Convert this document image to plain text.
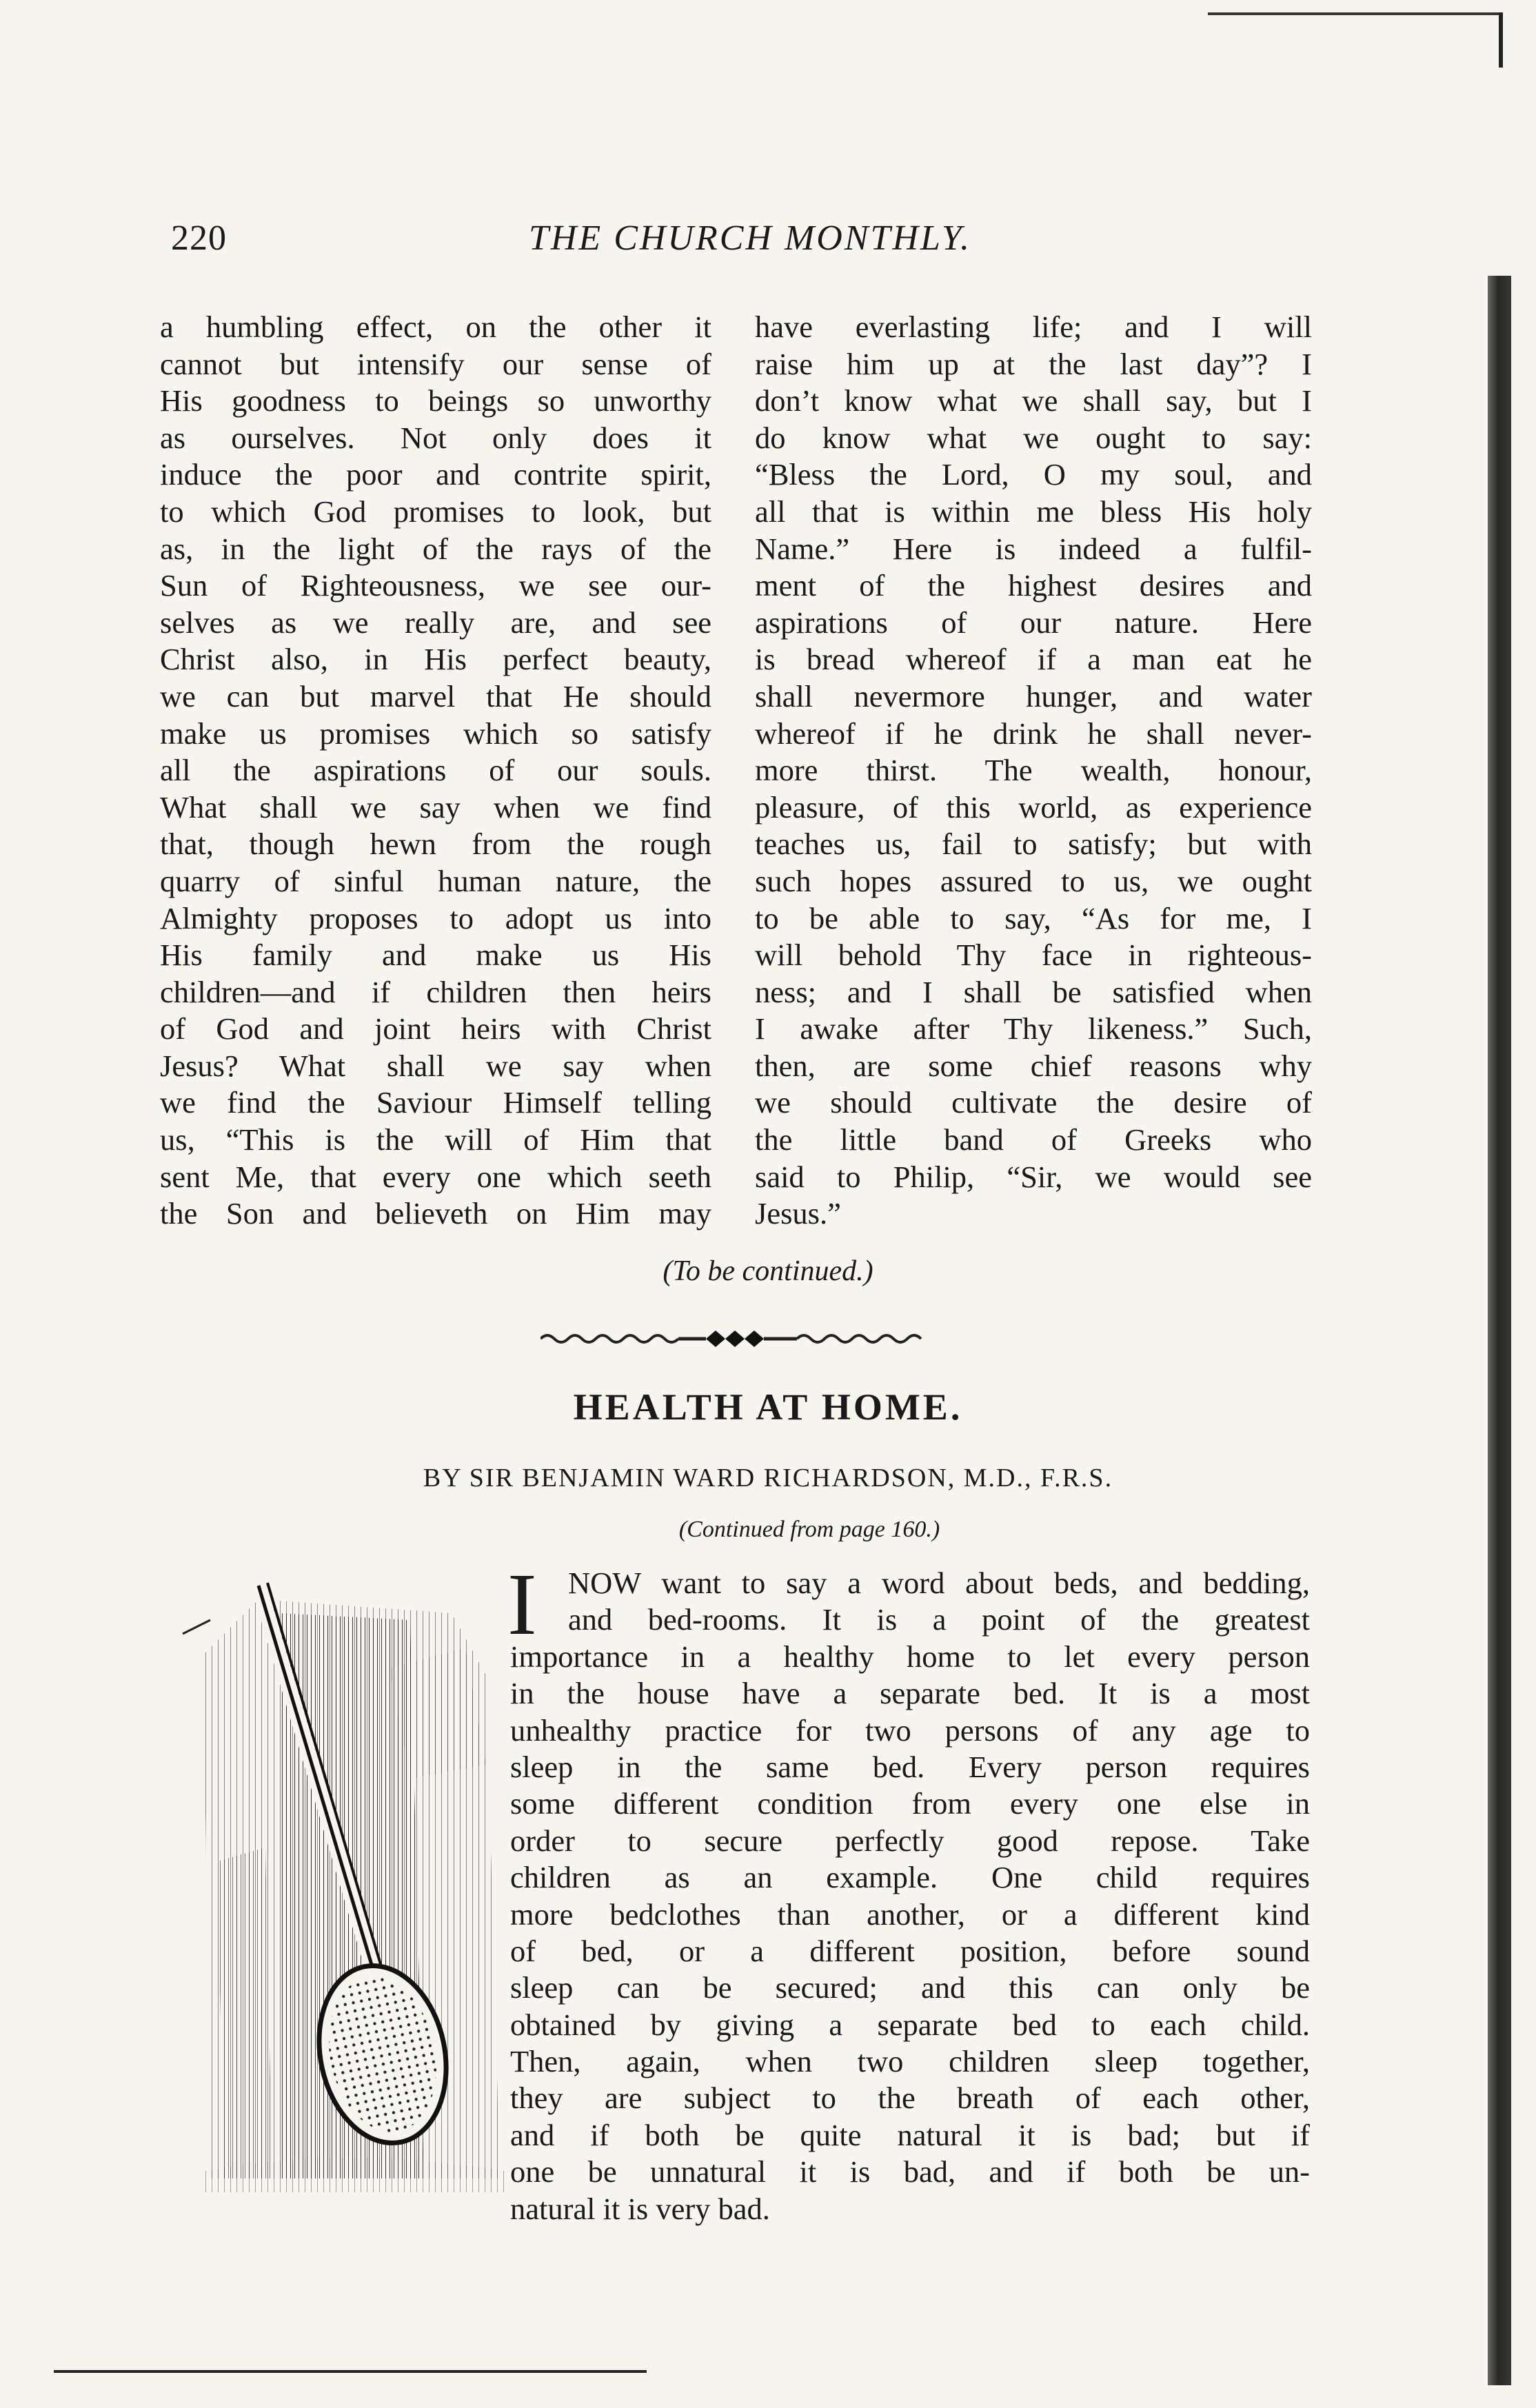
220	THE CHURCH MONTHLY.
a humbling effect, on the other it
cannot but intensify our sense of
His goodness to beings so unworthy
as ourselves. Not only does it
induce the poor and contrite spirit,
to which God promises to look, but
as, in the light of the rays of the
Sun of Righteousness, we see our-
selves as we really are, and see
Christ also, in His perfect beauty,
we can but marvel that He should
make us promises which so satisfy
all the aspirations of our souls.
What shall we say when we find
that, though hewn from the rough
quarry of sinful human nature, the
Almighty proposes to adopt us into
His family and make us His
children—and if children then heirs
of God and joint heirs with Christ
Jesus? What shall we say when
we find the Saviour Himself telling
us, “This is the will of Him that
sent Me, that every one which seeth
the Son and believeth on Him may
have everlasting life; and I will
raise him up at the last day”? I
don’t know what we shall say, but I
do know what we ought to say:
“Bless the Lord, O my soul, and
all that is within me bless His holy
Name.” Here is indeed a fulfil-
ment of the highest desires and
aspirations of our nature. Here
is bread whereof if a man eat he
shall nevermore hunger, and water
whereof if he drink he shall never-
more thirst. The wealth, honour,
pleasure, of this world, as experience
teaches us, fail to satisfy; but with
such hopes assured to us, we ought
to be able to say, “As for me, I
will behold Thy face in righteous-
ness; and I shall be satisfied when
I awake after Thy likeness.” Such,
then, are some chief reasons why
we should cultivate the desire of
the little band of Greeks who
said to Philip, “Sir, we would see
Jesus.”
(To be continued.)
HEALTH AT HOME.
BY SIR BENJAMIN WARD RICHARDSON, M.D., F.R.S.
(Continued from page 160.)
I	NOW want to say a word about beds, and bedding,
and bed-rooms. It is a point of the greatest
importance in a healthy home to let every person
in the house have a separate bed. It is a most
unhealthy practice for two persons of any age to
sleep in the same bed. Every person requires
some different condition from every one else in
order to secure perfectly good repose. Take
children as an example. One child requires
more bedclothes than another, or a different kind
of bed, or a different position, before sound
sleep can be secured; and this can only be
obtained by giving a separate bed to each child.
Then, again, when two children sleep together,
they are subject to the breath of each other,
and if both be quite natural it is bad; but if
one be unnatural it is bad, and if both be un-
natural it is very bad.
